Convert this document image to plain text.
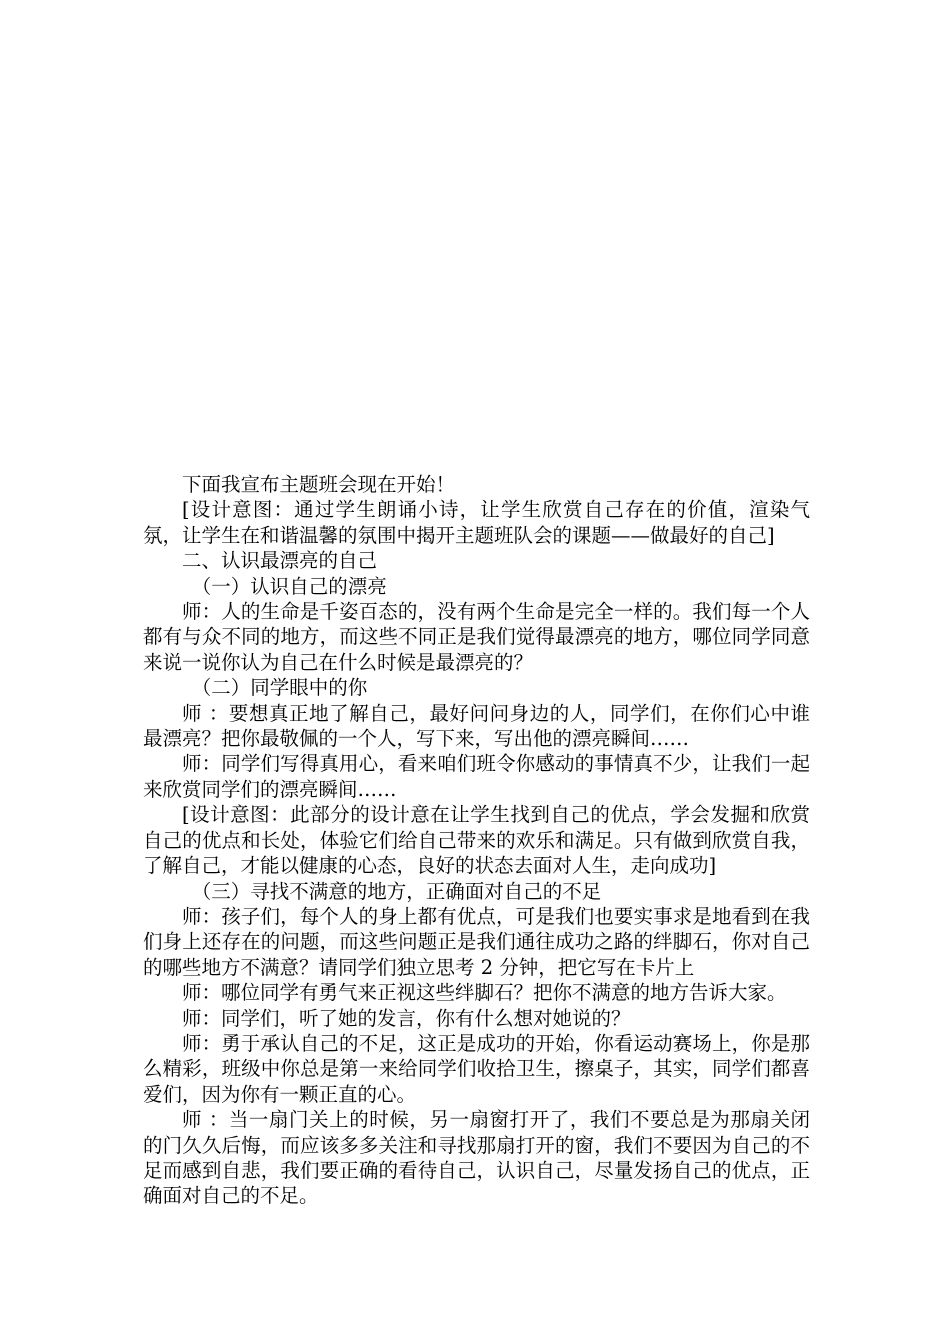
下面我宣布主题班会现在开始！

[设计意图：通过学生朗诵小诗，让学生欣赏自己存在的价值，渲染气氛，让学生在和谐温馨的氛围中揭开主题班队会的课题——做最好的自己]

二、认识最漂亮的自己

（一）认识自己的漂亮

师：人的生命是千姿百态的，没有两个生命是完全一样的。我们每一个人都有与众不同的地方，而这些不同正是我们觉得最漂亮的地方，哪位同学同意来说一说你认为自己在什么时候是最漂亮的？

（二）同学眼中的你

师 ：要想真正地了解自己，最好问问身边的人，同学们，在你们心中谁最漂亮？把你最敬佩的一个人，写下来，写出他的漂亮瞬间……

师：同学们写得真用心，看来咱们班令你感动的事情真不少，让我们一起来欣赏同学们的漂亮瞬间……

[设计意图：此部分的设计意在让学生找到自己的优点，学会发掘和欣赏自己的优点和长处，体验它们给自己带来的欢乐和满足。只有做到欣赏自我，了解自己，才能以健康的心态，良好的状态去面对人生，走向成功]

（三）寻找不满意的地方，正确面对自己的不足

师：孩子们，每个人的身上都有优点，可是我们也要实事求是地看到在我们身上还存在的问题，而这些问题正是我们通往成功之路的绊脚石，你对自己的哪些地方不满意？请同学们独立思考 2 分钟，把它写在卡片上

师：哪位同学有勇气来正视这些绊脚石？把你不满意的地方告诉大家。

师：同学们，听了她的发言，你有什么想对她说的？

师：勇于承认自己的不足，这正是成功的开始，你看运动赛场上，你是那么精彩，班级中你总是第一来给同学们收拾卫生，擦桌子，其实，同学们都喜爱们，因为你有一颗正直的心。

师 ：当一扇门关上的时候，另一扇窗打开了，我们不要总是为那扇关闭的门久久后悔，而应该多多关注和寻找那扇打开的窗，我们不要因为自己的不足而感到自悲，我们要正确的看待自己，认识自己，尽量发扬自己的优点，正确面对自己的不足。
